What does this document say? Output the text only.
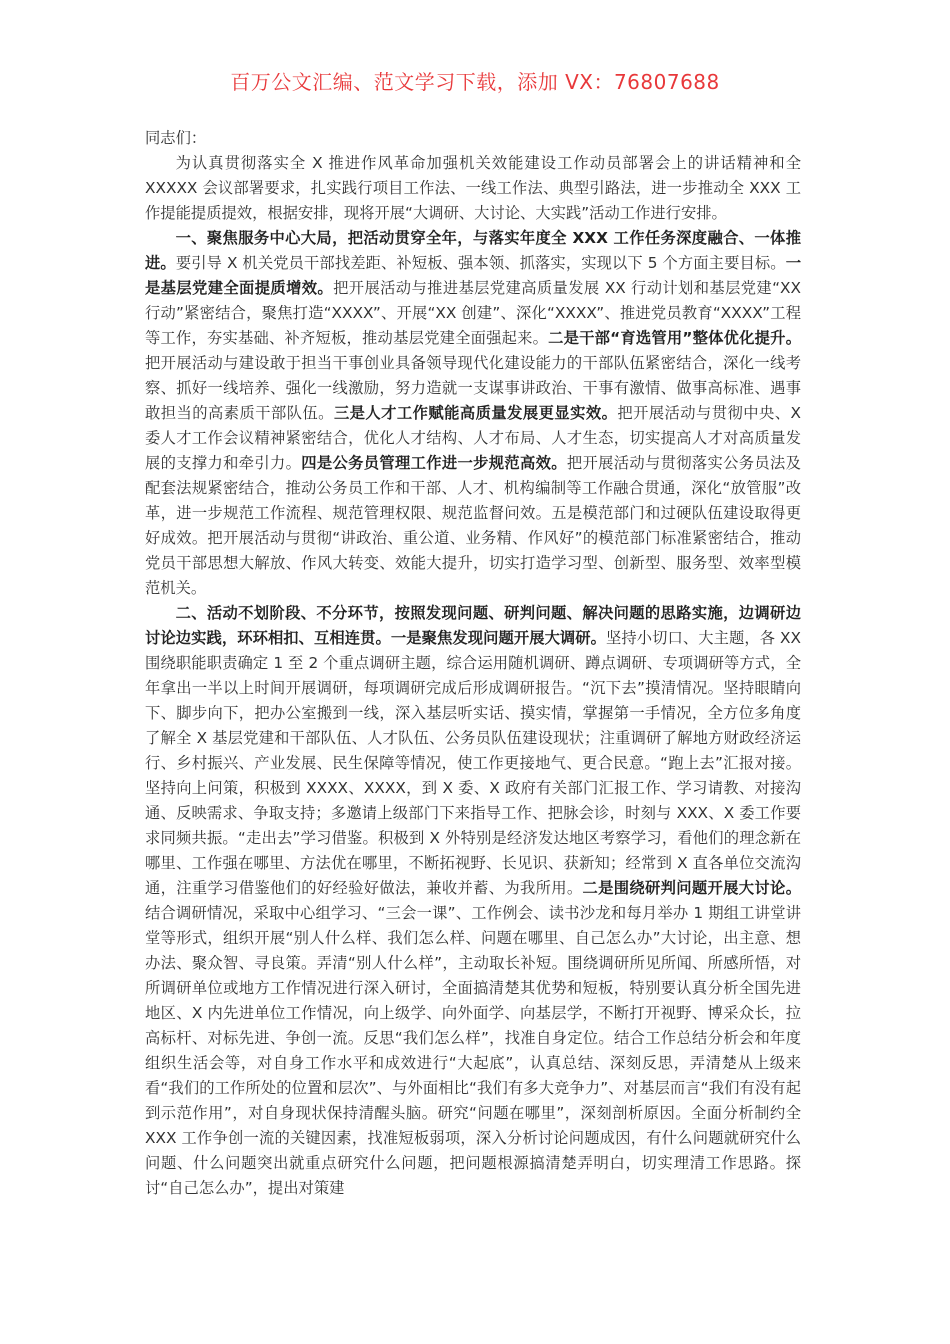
百万公文汇编、范文学习下载，添加 VX：76807688

同志们：

为认真贯彻落实全 X 推进作风革命加强机关效能建设工作动员部署会上的讲话精神和全 XXXXX 会议部署要求，扎实践行项目工作法、一线工作法、典型引路法，进一步推动全 XXX 工作提能提质提效，根据安排，现将开展“大调研、大讨论、大实践”活动工作进行安排。

一、聚焦服务中心大局，把活动贯穿全年，与落实年度全 XXX 工作任务深度融合、一体推进。要引导 X 机关党员干部找差距、补短板、强本领、抓落实，实现以下 5 个方面主要目标。一是基层党建全面提质增效。把开展活动与推进基层党建高质量发展 XX 行动计划和基层党建“XX 行动”紧密结合，聚焦打造“XXXX”、开展“XX 创建”、深化“XXXX”、推进党员教育“XXXX”工程等工作，夯实基础、补齐短板，推动基层党建全面强起来。二是干部“育选管用”整体优化提升。把开展活动与建设敢于担当干事创业具备领导现代化建设能力的干部队伍紧密结合，深化一线考察、抓好一线培养、强化一线激励，努力造就一支谋事讲政治、干事有激情、做事高标准、遇事敢担当的高素质干部队伍。三是人才工作赋能高质量发展更显实效。把开展活动与贯彻中央、X 委人才工作会议精神紧密结合，优化人才结构、人才布局、人才生态，切实提高人才对高质量发展的支撑力和牵引力。四是公务员管理工作进一步规范高效。把开展活动与贯彻落实公务员法及配套法规紧密结合，推动公务员工作和干部、人才、机构编制等工作融合贯通，深化“放管服”改革，进一步规范工作流程、规范管理权限、规范监督问效。五是模范部门和过硬队伍建设取得更好成效。把开展活动与贯彻“讲政治、重公道、业务精、作风好”的模范部门标准紧密结合，推动党员干部思想大解放、作风大转变、效能大提升，切实打造学习型、创新型、服务型、效率型模范机关。

二、活动不划阶段、不分环节，按照发现问题、研判问题、解决问题的思路实施，边调研边讨论边实践，环环相扣、互相连贯。一是聚焦发现问题开展大调研。坚持小切口、大主题，各 XX 围绕职能职责确定 1 至 2 个重点调研主题，综合运用随机调研、蹲点调研、专项调研等方式，全年拿出一半以上时间开展调研，每项调研完成后形成调研报告。“沉下去”摸清情况。坚持眼睛向下、脚步向下，把办公室搬到一线，深入基层听实话、摸实情，掌握第一手情况，全方位多角度了解全 X 基层党建和干部队伍、人才队伍、公务员队伍建设现状；注重调研了解地方财政经济运行、乡村振兴、产业发展、民生保障等情况，使工作更接地气、更合民意。“跑上去”汇报对接。坚持向上问策，积极到 XXXX、XXXX，到 X 委、X 政府有关部门汇报工作、学习请教、对接沟通、反映需求、争取支持；多邀请上级部门下来指导工作、把脉会诊，时刻与 XXX、X 委工作要求同频共振。“走出去”学习借鉴。积极到 X 外特别是经济发达地区考察学习，看他们的理念新在哪里、工作强在哪里、方法优在哪里，不断拓视野、长见识、获新知；经常到 X 直各单位交流沟通，注重学习借鉴他们的好经验好做法，兼收并蓄、为我所用。二是围绕研判问题开展大讨论。结合调研情况，采取中心组学习、“三会一课”、工作例会、读书沙龙和每月举办 1 期组工讲堂讲堂等形式，组织开展“别人什么样、我们怎么样、问题在哪里、自己怎么办”大讨论，出主意、想办法、聚众智、寻良策。弄清“别人什么样”，主动取长补短。围绕调研所见所闻、所感所悟，对所调研单位或地方工作情况进行深入研讨，全面搞清楚其优势和短板，特别要认真分析全国先进地区、X 内先进单位工作情况，向上级学、向外面学、向基层学，不断打开视野、博采众长，拉高标杆、对标先进、争创一流。反思“我们怎么样”，找准自身定位。结合工作总结分析会和年度组织生活会等，对自身工作水平和成效进行“大起底”，认真总结、深刻反思，弄清楚从上级来看“我们的工作所处的位置和层次”、与外面相比“我们有多大竞争力”、对基层而言“我们有没有起到示范作用”，对自身现状保持清醒头脑。研究“问题在哪里”，深刻剖析原因。全面分析制约全 XXX 工作争创一流的关键因素，找准短板弱项，深入分析讨论问题成因，有什么问题就研究什么问题、什么问题突出就重点研究什么问题，把问题根源搞清楚弄明白，切实理清工作思路。探讨“自己怎么办”，提出对策建
